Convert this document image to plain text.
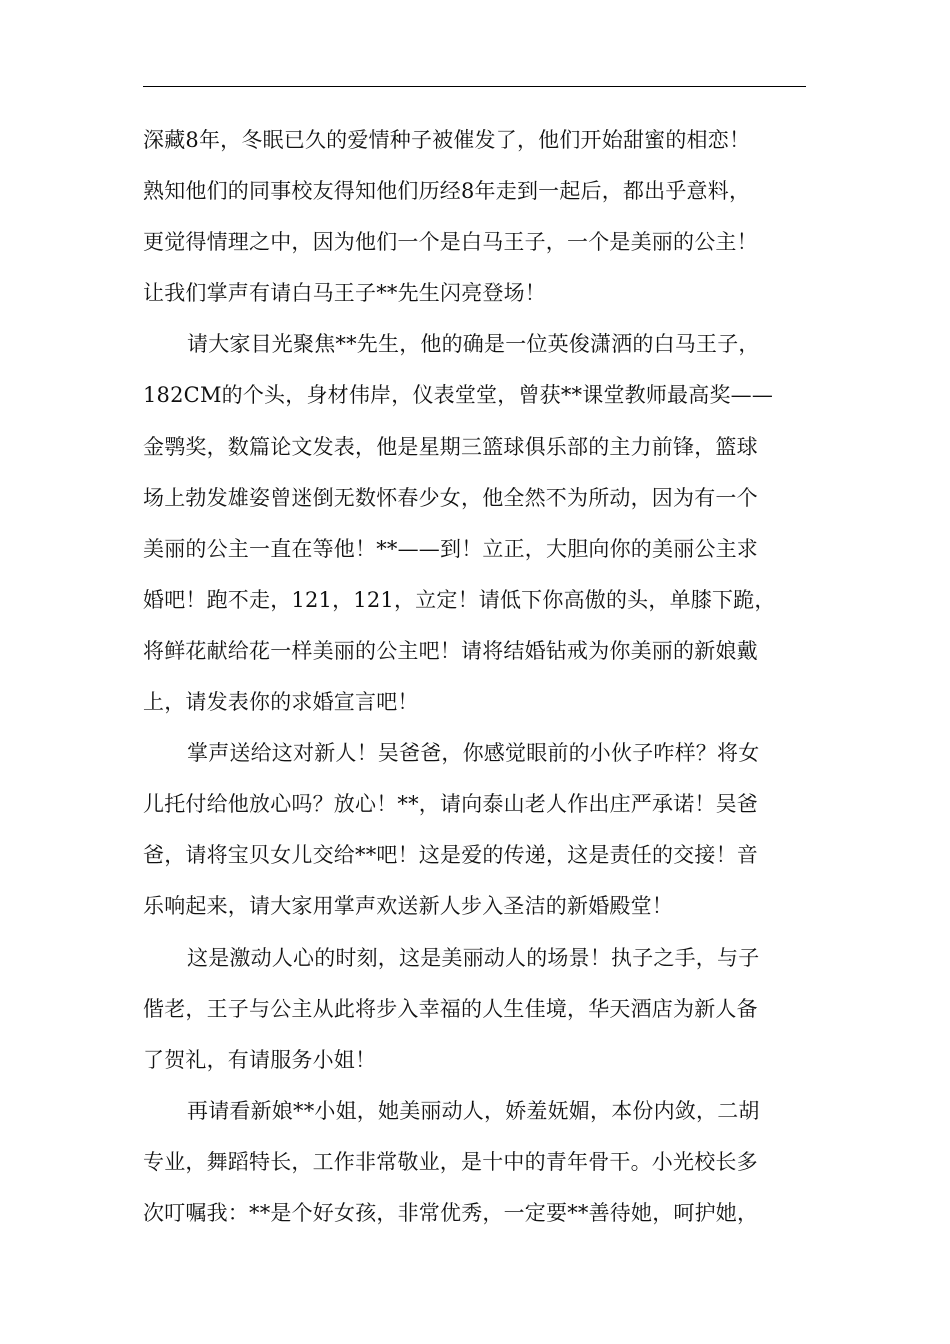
深藏8年，冬眠已久的爱情种子被催发了，他们开始甜蜜的相恋！
熟知他们的同事校友得知他们历经8年走到一起后，都出乎意料，
更觉得情理之中，因为他们一个是白马王子，一个是美丽的公主！
让我们掌声有请白马王子**先生闪亮登场！
请大家目光聚焦**先生，他的确是一位英俊潇洒的白马王子，
182CM的个头，身材伟岸，仪表堂堂，曾获**课堂教师最高奖——
金鹗奖，数篇论文发表，他是星期三篮球俱乐部的主力前锋，篮球
场上勃发雄姿曾迷倒无数怀春少女，他全然不为所动，因为有一个
美丽的公主一直在等他！**——到！立正，大胆向你的美丽公主求
婚吧！跑不走，121，121，立定！请低下你高傲的头，单膝下跪，
将鲜花献给花一样美丽的公主吧！请将结婚钻戒为你美丽的新娘戴
上，请发表你的求婚宣言吧！
掌声送给这对新人！吴爸爸，你感觉眼前的小伙子咋样？将女
儿托付给他放心吗？放心！**，请向泰山老人作出庄严承诺！吴爸
爸，请将宝贝女儿交给**吧！这是爱的传递，这是责任的交接！音
乐响起来，请大家用掌声欢送新人步入圣洁的新婚殿堂！
这是激动人心的时刻，这是美丽动人的场景！执子之手，与子
偕老，王子与公主从此将步入幸福的人生佳境，华天酒店为新人备
了贺礼，有请服务小姐！
再请看新娘**小姐，她美丽动人，娇羞妩媚，本份内敛，二胡
专业，舞蹈特长，工作非常敬业，是十中的青年骨干。小光校长多
次叮嘱我：**是个好女孩，非常优秀，一定要**善待她，呵护她，
